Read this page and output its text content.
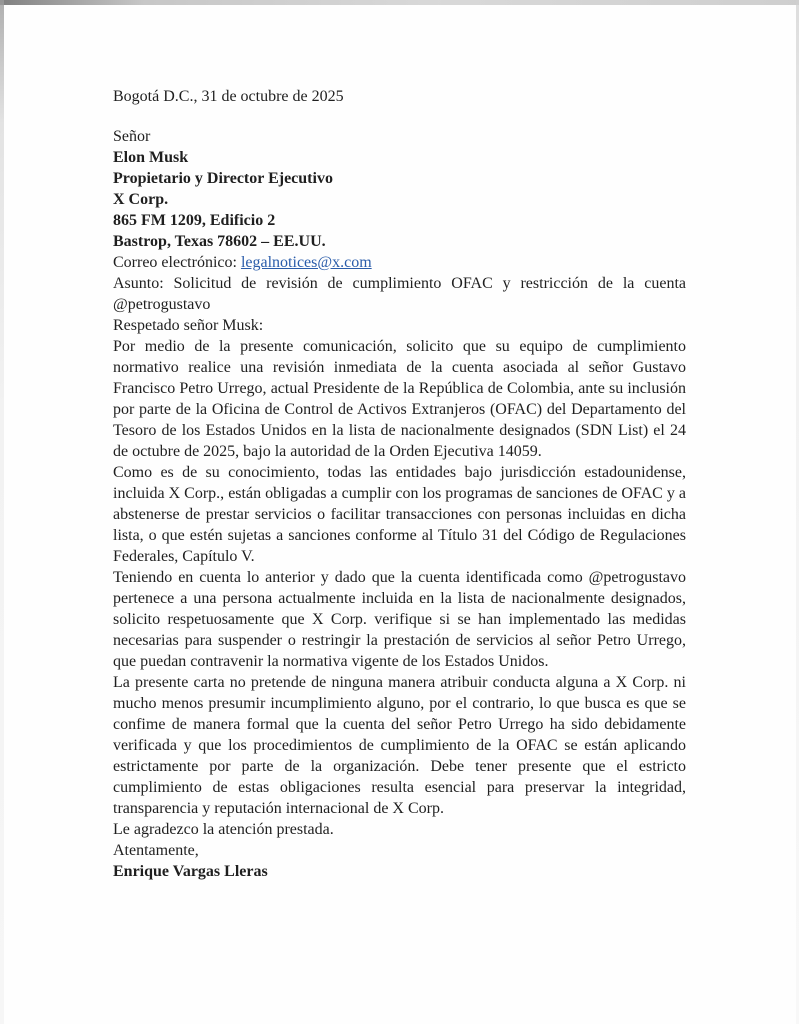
Bogotá D.C., 31 de octubre de 2025

Señor

Elon Musk

Propietario y Director Ejecutivo

X Corp.

865 FM 1209, Edificio 2

Bastrop, Texas 78602 – EE.UU.

Correo electrónico: legalnotices@x.com

Asunto: Solicitud de revisión de cumplimiento OFAC y restricción de la cuenta @petrogustavo

Respetado señor Musk:

Por medio de la presente comunicación, solicito que su equipo de cumplimiento normativo realice una revisión inmediata de la cuenta asociada al señor Gustavo Francisco Petro Urrego, actual Presidente de la República de Colombia, ante su inclusión por parte de la Oficina de Control de Activos Extranjeros (OFAC) del Departamento del Tesoro de los Estados Unidos en la lista de nacionalmente designados (SDN List) el 24 de octubre de 2025, bajo la autoridad de la Orden Ejecutiva 14059.

Como es de su conocimiento, todas las entidades bajo jurisdicción estadounidense, incluida X Corp., están obligadas a cumplir con los programas de sanciones de OFAC y a abstenerse de prestar servicios o facilitar transacciones con personas incluidas en dicha lista, o que estén sujetas a sanciones conforme al Título 31 del Código de Regulaciones Federales, Capítulo V.

Teniendo en cuenta lo anterior y dado que la cuenta identificada como @petrogustavo pertenece a una persona actualmente incluida en la lista de nacionalmente designados, solicito respetuosamente que X Corp. verifique si se han implementado las medidas necesarias para suspender o restringir la prestación de servicios al señor Petro Urrego, que puedan contravenir la normativa vigente de los Estados Unidos.

La presente carta no pretende de ninguna manera atribuir conducta alguna a X Corp. ni mucho menos presumir incumplimiento alguno, por el contrario, lo que busca es que se confime de manera formal que la cuenta del señor Petro Urrego ha sido debidamente verificada y que los procedimientos de cumplimiento de la OFAC se están aplicando estrictamente por parte de la organización. Debe tener presente que el estricto cumplimiento de estas obligaciones resulta esencial para preservar la integridad, transparencia y reputación internacional de X Corp.

Le agradezco la atención prestada.

Atentamente,

Enrique Vargas Lleras
